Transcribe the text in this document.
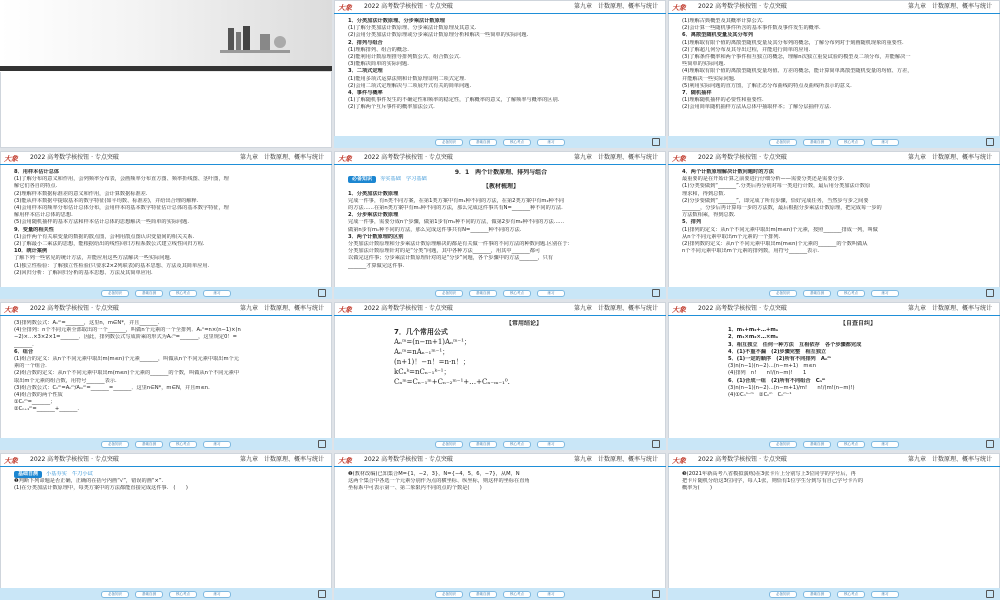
大象 2022 高考数学核按钮 · 专点突破	第九章　计数原理、概率与统计

1．分类加法计数原理、分步乘法计数原理

(1)了解分类加法计数原理、分步乘法计数原理及其意义.

(2)会用分类加法计数原理或分步乘法计数原理分析和解决一些简单的实际问题.

2．排列与组合

(1)理解排列、组合的概念.

(2)能利用计数原理推导排列数公式、组合数公式.

(3)能解决简单的实际问题.

3．二项式定理

(1)能用多项式运算法则和计数原理证明二项式定理.

(2)会用二项式定理解决与二项展开式有关的简单问题.

4．事件与概率

(1)了解随机事件发生的不确定性和频率的稳定性，了解概率的意义，了解频率与概率的区别.

(2)了解两个互斥事件的概率加法公式.

必备知识	基础自测	核心考点	练习
大象 2022 高考数学核按钮 · 专点突破	第九章　计数原理、概率与统计

(1)理解古典概型及其概率计算公式.

(2)会计算一些随机事件所含的基本事件数及事件发生的概率.

6．离散型随机变量及其分布列

(1)理解取有限个值的离散型随机变量及其分布列的概念，了解分布列对于刻画随机现象的重要性.

(2)了解超几何分布及其导出过程，并能进行简单的应用.

(3)了解条件概率和两个事件相互独立的概念，理解n次独立重复试验的模型及二项分布，并能解决一

些简单的实际问题.

(4)理解取有限个值的离散型随机变量均值、方差的概念，能计算简单离散型随机变量的均值、方差，

并能解决一些实际问题.

(5)利用实际问题的直方图，了解正态分布曲线的特点及曲线所表示的意义.

7．随机抽样

(1)理解随机抽样的必要性和重要性.

(2)会用简单随机抽样方法从总体中抽取样本；了解分层抽样方法.

必备知识	基础自测	核心考点	练习
大象 2022 高考数学核按钮 · 专点突破	第九章　计数原理、概率与统计

8．用样本估计总体

(1)了解分布的意义和作用，会列频率分布表，会画频率分布直方图、频率折线图、茎叶图，理

解它们各自的特点.

(2)理解样本数据标准差的意义和作用，会计算数据标准差.

(3)能从样本数据中提取基本的数字特征(如平均数、标准差)，并给出合理的解释.

(4)会用样本的频率分布估计总体分布，会用样本的基本数字特征估计总体的基本数字特征，理

解用样本估计总体的思想.

(5)会用随机抽样的基本方法和样本估计总体的思想解决一些简单的实际问题.

9．变量的相关性

(1)会作两个有关联变量的数据的散点图，会利用散点图认识变量间的相关关系.

(2)了解最小二乘法的思想，能根据给出的线性回归方程系数公式建立线性回归方程.

10．统计案例

了解下列一些常见的统计方法，并能应用这些方法解决一些实际问题.

(1)独立性检验：了解独立性检验(只要求2×2列联表)的基本思想、方法及其简单应用.

(2)回归分析：了解回归分析的基本思想、方法及其简单应用.

必备知识	基础自测	核心考点	练习
大象 2022 高考数学核按钮 · 专点突破	第九章　计数原理、概率与统计

9．1　两个计数原理、排列与组合

必备知识 夯实基础　学习基础

【教材梳理】

1．分类加法计数原理

完成一件事，有n类不同方案，在第1类方案中有m₁种不同的方法，在第2类方案中有m₂种不同

的方法……在第n类方案中有mₙ种不同的方法，那么完成这件事共有N=_______种不同的方法.

2．分步乘法计数原理

完成一件事，需要分成n个步骤，做第1步有m₁种不同的方法，做第2步有m₂种不同的方法……

做第n步有mₙ种不同的方法，那么完成这件事共有N=_______种不同的方法.

3．两个计数原理的区别

分类加法计数原理和分步乘法计数原理解决的都是有关做一件事的不同方法的种数问题.区别在于：

分类加法计数原理针对的是“分类”问题，其中各种方法_______，用其中_______都可

以做完这件事；分步乘法计数原理针对的是“分步”问题，各个步骤中的方法_______，只有

_______才算做完这件事.

必备知识	基础自测	核心考点	练习
大象 2022 高考数学核按钮 · 专点突破	第九章　计数原理、概率与统计

4．两个计数原理解决计数问题时的方法

最重要的是在开始计算之前要进行仔细分析——需要分类还是需要分步.

(1)分类要做到“_______”.分类后再分别对每一类进行计数，最后用分类加法计数原

理求和，得到总数.

(2)分步要做到“_______”，即完成了所有步骤，恰好完成任务，当然步与步之间要

_______，分步后再计算每一步的方法数，最后根据分步乘法计数原理，把完成每一步的

方法数相乘，得到总数.

5．排列

(1)排列的定义：从n个不同元素中取出m(m≤n)个元素，按照_______排成一列，叫做

从n个不同元素中取出m个元素的一个排列.

(2)排列数的定义：从n个不同元素中取出m(m≤n)个元素的_______的个数叫做从

n个不同元素中取出m个元素的排列数，用符号_______表示.

必备知识	基础自测	核心考点	练习
大象 2022 高考数学核按钮 · 专点突破	第九章　计数原理、概率与统计

(3)排列数公式：Aₙᵐ=_______，这里n，m∈N*，并且_______.

(4)全排列：n个不同元素全部取出的一个_______，叫做n个元素的一个全排列．Aₙⁿ=n×(n−1)×(n

−2)×…×3×2×1=_______．因此，排列数公式写成阶乘的形式为Aₙᵐ=_______，这里规定0！=

_______.

6．组合

(1)组合的定义：从n个不同元素中取出m(m≤n)个元素_______，叫做从n个不同元素中取出m个元

素的一个组合.

(2)组合数的定义：从n个不同元素中取出m(m≤n)个元素的_______的个数，叫做从n个不同元素中

取出m个元素的组合数，用符号_______表示.

(3)组合数公式：Cₙᵐ=Aₙᵐ/Aₘᵐ=_______=_______．这里n∈N*，m∈N，并且m≤n.

(4)组合数的两个性质

①Cₙᵐ=_______；

②Cₙ₊₁ᵐ=_______+_______.

必备知识	基础自测	核心考点	练习
大象 2022 高考数学核按钮 · 专点突破	第九章　计数原理、概率与统计

【常用结论】

7．几个常用公式

Aₙᵐ=(n−m+1)Aₙᵐ⁻¹；

Aₙᵐ=nAₙ₋₁ᵐ⁻¹；

(n+1)！−n！=n·n！；

kCₙᵏ=nCₙ₋₁ᵏ⁻¹；

Cₙᵐ=Cₙ₋₁ᵐ+Cₙ₋₂ᵐ⁻¹+…+Cₙ₋ₘ₋₁⁰.

必备知识	基础自测	核心考点	练习
大象 2022 高考数学核按钮 · 专点突破	第九章　计数原理、概率与统计

【自查自纠】

1．m₁+m₂+…+mₙ

2．m₁×m₂×…×mₙ

3．相互独立　任何一种方法　互相依存　各个步骤都完成

4．(1)不重不漏　(2)步骤完整　相互独立

5．(1)一定的顺序　(2)所有不同排列　Aₙᵐ

(3)n(n−1)(n−2)…(n−m+1)　m≤n

(4)排列　n!　　n!/(n−m)!　　1

6．(1)合成一组　(2)所有不同组合　Cₙᵐ

(3)n(n−1)(n−2)…(n−m+1)/m!　　n!/(m!(n−m)!)

(4)①Cₙⁿ⁻ᵐ　②Cₙᵐ　Cₙᵐ⁻¹

必备知识	基础自测	核心考点	练习
大象 2022 高考数学核按钮 · 专点突破	第九章　计数原理、概率与统计

基础自测 小基夯实　牛刀小试

❶判断下列命题是否正确，正确的在括号内画“√”，错误的画“×”.

(1)在分类加法计数原理中，每类方案中的方法都能直接完成这件事.　(　　)

必备知识	基础自测	核心考点	练习
大象 2022 高考数学核按钮 · 专点突破	第九章　计数原理、概率与统计

❷(教材改编)已知集合M={1，−2，3}，N={−4，5，6，−7}，从M，N

这两个集合中各选一个元素分别作为点的横坐标、纵坐标，则这样的坐标在直角

坐标系中可表示第一、第二象限内不同的点的个数是(　　)

必备知识	基础自测	核心考点	练习
大象 2022 高考数学核按钮 · 专点突破	第九章　计数原理、概率与统计

❸(2021年新高考八省模拟演练)在3张卡片上分别写上3位同学的学号后，再

把卡片随机分给这3位同学，每人1张，则恰有1位学生分到写有自己学号卡片的

概率为(　　)

必备知识	基础自测	核心考点	练习
